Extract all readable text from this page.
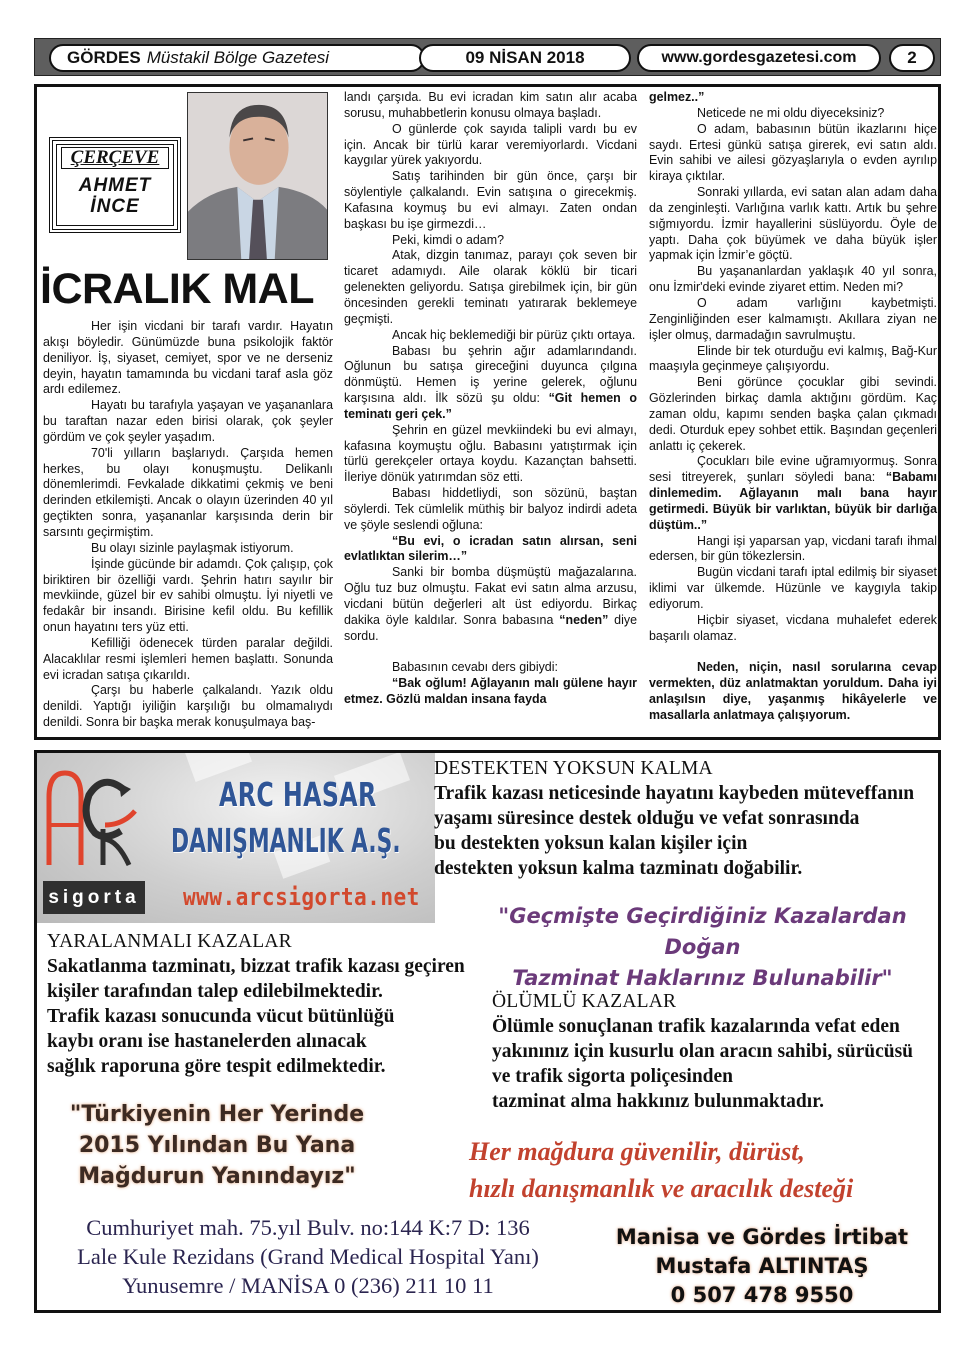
GÖRDES Müstakil Bölge Gazetesi	09 NİSAN 2018	www.gordesgazetesi.com	2
ÇERÇEVE
AHMET
İNCE
İCRALIK MAL
Her işin vicdani bir tarafı vardır. Hayatın akışı böyledir. Günümüzde buna psikolojik faktör deniliyor. İş, siyaset, cemiyet, spor ve ne derseniz deyin, hayatın tamamında bu vicdani taraf asla göz ardı edilemez.
Hayatı bu tarafıyla yaşayan ve yaşananlara bu taraftan nazar eden birisi olarak, çok şeyler gördüm ve çok şeyler yaşadım.
70'li yılların başlarıydı. Çarşıda hemen herkes, bu olayı konuşmuştu. Delikanlı dönemlerimdi. Fevkalade dikkatimi çekmiş ve beni derinden etkilemişti. Ancak o olayın üzerinden 40 yıl geçtikten sonra, yaşananlar karşısında derin bir sarsıntı geçirmiştim.
Bu olayı sizinle paylaşmak istiyorum.
İşinde gücünde bir adamdı. Çok çalışıp, çok biriktiren bir özelliği vardı. Şehrin hatırı sayılır bir mevkiinde, güzel bir ev sahibi olmuştu. İyi niyetli ve fedakâr bir insandı. Birisine kefil oldu. Bu kefillik onun hayatını ters yüz etti.
Kefilliği ödenecek türden paralar değildi. Alacaklılar resmi işlemleri hemen başlattı. Sonunda evi icradan satışa çıkarıldı.
Çarşı bu haberle çalkalandı. Yazık oldu denildi. Yaptığı iyiliğin karşılığı bu olmamalıydı denildi. Sonra bir başka merak konuşulmaya baş-
landı çarşıda. Bu evi icradan kim satın alır acaba sorusu, muhabbetlerin konusu olmaya başladı.
O günlerde çok sayıda talipli vardı bu ev için. Ancak bir türlü karar veremiyorlardı. Vicdani kaygılar yürek yakıyordu.
Satış tarihinden bir gün önce, çarşı bir söylentiyle çalkalandı. Evin satışına o girecekmiş. Kafasına koymuş bu evi almayı. Zaten ondan başkası bu işe girmezdi…
Peki, kimdi o adam?
Atak, dizgin tanımaz, parayı çok seven bir ticaret adamıydı. Aile olarak köklü bir ticari gelenekten geliyordu. Satışa girebilmek için, bir gün öncesinden gerekli teminatı yatırarak beklemeye geçmişti.
Ancak hiç beklemediği bir pürüz çıktı ortaya.
Babası bu şehrin ağır adamlarındandı. Oğlunun bu satışa gireceğini duyunca çılgına dönmüştü. Hemen iş yerine gelerek, oğlunu karşısına aldı. İlk sözü şu oldu: “Git hemen o teminatı geri çek.”
Şehrin en güzel mevkiindeki bu evi almayı, kafasına koymuştu oğlu. Babasını yatıştırmak için türlü gerekçeler ortaya koydu. Kazançtan bahsetti. İleriye dönük yatırımdan söz etti.
Babası hiddetliydi, son sözünü, baştan söylerdi. Tek cümlelik müthiş bir balyoz indirdi adeta ve şöyle seslendi oğluna:
“Bu evi, o icradan satın alırsan, seni evlatlıktan silerim…”
Sanki bir bomba düşmüştü mağazalarına. Oğlu tuz buz olmuştu. Fakat evi satın alma arzusu, vicdani bütün değerleri alt üst ediyordu. Birkaç dakika öyle kaldılar. Sonra babasına “neden” diye sordu.
Babasının cevabı ders gibiydi:
“Bak oğlum! Ağlayanın malı gülene hayır etmez. Gözlü maldan insana fayda
gelmez..”
Neticede ne mi oldu diyeceksiniz?
O adam, babasının bütün ikazlarını hiçe saydı. Ertesi günkü satışa girerek, evi satın aldı. Evin sahibi ve ailesi gözyaşlarıyla o evden ayrılıp kiraya çıktılar.
Sonraki yıllarda, evi satan alan adam daha da zenginleşti. Varlığına varlık kattı. Artık bu şehre sığmıyordu. İzmir hayallerini süslüyordu. Öyle de yaptı. Daha çok büyümek ve daha büyük işler yapmak için İzmir’e göçtü.
Bu yaşananlardan yaklaşık 40 yıl sonra, onu İzmir'deki evinde ziyaret ettim. Neden mi?
O adam varlığını kaybetmişti. Zenginliğinden eser kalmamıştı. Akıllara ziyan ne işler olmuş, darmadağın savrulmuştu.
Elinde bir tek oturduğu evi kalmış, Bağ-Kur maaşıyla geçinmeye çalışıyordu.
Beni görünce çocuklar gibi sevindi. Gözlerinden birkaç damla aktığını gördüm. Kaç zaman oldu, kapımı senden başka çalan çıkmadı dedi. Oturduk epey sohbet ettik. Başından geçenleri anlattı iç çekerek.
Çocukları bile evine uğramıyormuş. Sonra sesi titreyerek, şunları söyledi bana: “Babamı dinlemedim. Ağlayanın malı bana hayır getirmedi. Büyük bir varlıktan, büyük bir darlığa düştüm..”
Hangi işi yaparsan yap, vicdani tarafı ihmal edersen, bir gün tökezlersin.
Bugün vicdani tarafı iptal edilmiş bir siyaset iklimi var ülkemde. Hüzünle ve kaygıyla takip ediyorum.
Hiçbir siyaset, vicdana muhalefet ederek başarılı olamaz.
Neden, niçin, nasıl sorularına cevap vermekten, düz anlatmaktan yoruldum. Daha iyi anlaşılsın diye, yaşanmış hikâyelerle ve masallarla anlatmaya çalışıyorum.
sigorta
ARC HASAR
DANIŞMANLIK A.Ş.
www.arcsigorta.net
DESTEKTEN YOKSUN KALMA
Trafik kazası neticesinde hayatını kaybeden müteveffanın
yaşamı süresince destek olduğu ve vefat sonrasında
bu destekten yoksun kalan kişiler için
destekten yoksun kalma tazminatı doğabilir.
"Geçmişte Geçirdiğiniz Kazalardan Doğan
Tazminat Haklarınız Bulunabilir"
YARALANMALI KAZALAR
Sakatlanma tazminatı, bizzat trafik kazası geçiren
kişiler tarafından talep edilebilmektedir.
Trafik kazası sonucunda vücut bütünlüğü
kaybı oranı ise hastanelerden alınacak
sağlık raporuna göre tespit edilmektedir.
ÖLÜMLÜ KAZALAR
Ölümle sonuçlanan trafik kazalarında vefat eden
yakınınız için kusurlu olan aracın sahibi, sürücüsü
ve trafik sigorta poliçesinden
tazminat alma hakkınız bulunmaktadır.
"Türkiyenin Her Yerinde
2015 Yılından Bu Yana
Mağdurun Yanındayız"
Her mağdura güvenilir, dürüst,
hızlı danışmanlık ve aracılık desteği
Cumhuriyet mah. 75.yıl Bulv. no:144 K:7 D: 136
Lale Kule Rezidans (Grand Medical Hospital Yanı)
Yunusemre / MANİSA 0 (236) 211 10 11
Manisa ve Gördes İrtibat
Mustafa ALTINTAŞ
0 507 478 9550
